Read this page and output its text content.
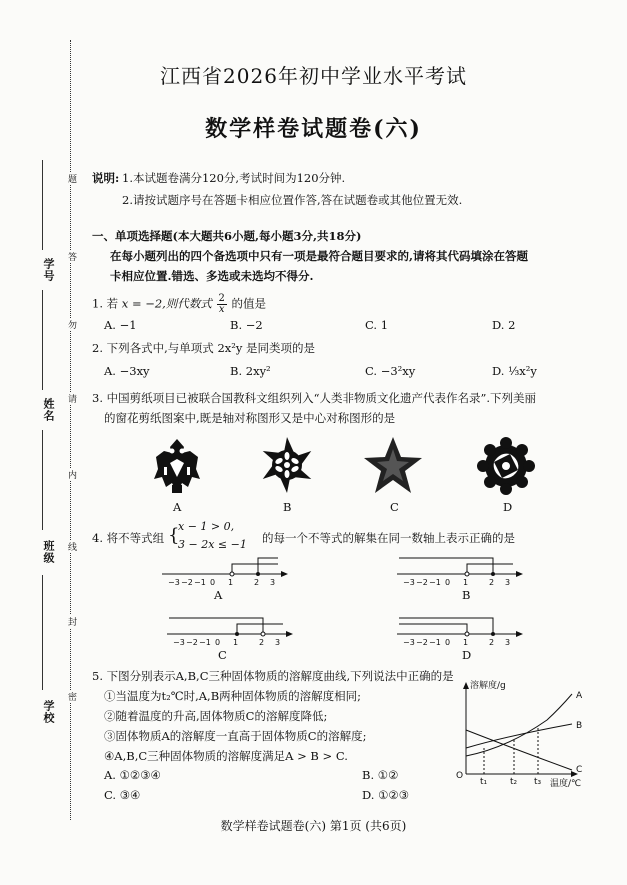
学号
姓名
班级
学校
题
答
勿
请
内
线
封
密
江西省2026年初中学业水平考试
数学样卷试题卷(六)
说明: 1.本试题卷满分120分,考试时间为120分钟.
2.请按试题序号在答题卡相应位置作答,答在试题卷或其他位置无效.
一、单项选择题(本大题共6小题,每小题3分,共18分)
在每小题列出的四个备选项中只有一项是最符合题目要求的,请将其代码填涂在答题
卡相应位置.错选、多选或未选均不得分.
1. 若 x = −2,则代数式 $\frac{2}{x}$ 的值是
A. −1	B. −2	C. 1	D. 2
2. 下列各式中,与单项式 2x²y 是同类项的是
A. −3xy	B. 2xy²	C. −3²xy	D. ⅓x²y
3. 中国剪纸项目已被联合国教科文组织列入“人类非物质文化遗产代表作名录”.下列美丽
的窗花剪纸图案中,既是轴对称图形又是中心对称图形的是
A	B	C	D
4. 将不等式组 {
x − 1 > 0,
3 − 2x ≤ −1 的每一个不等式的解集在同一数轴上表示正确的是
−3 −2 −1 0 1	2 3
A
−3 −2 −1 0 1	2 3
B
−3 −2 −1 0 1	2 3
C
−3 −2 −1 0 1	2 3
D
5. 下图分别表示A,B,C三种固体物质的溶解度曲线,下列说法中正确的是
①当温度为t₂℃时,A,B两种固体物质的溶解度相同;
②随着温度的升高,固体物质C的溶解度降低;
③固体物质A的溶解度一直高于固体物质C的溶解度;
④A,B,C三种固体物质的溶解度满足A > B > C.
A. ①②③④	B. ①②
C. ③④	D. ①②③
溶解度/g
温度/℃
O
t₁	t₂ t₃
A
B
C
数学样卷试题卷(六) 第1页 (共6页)
